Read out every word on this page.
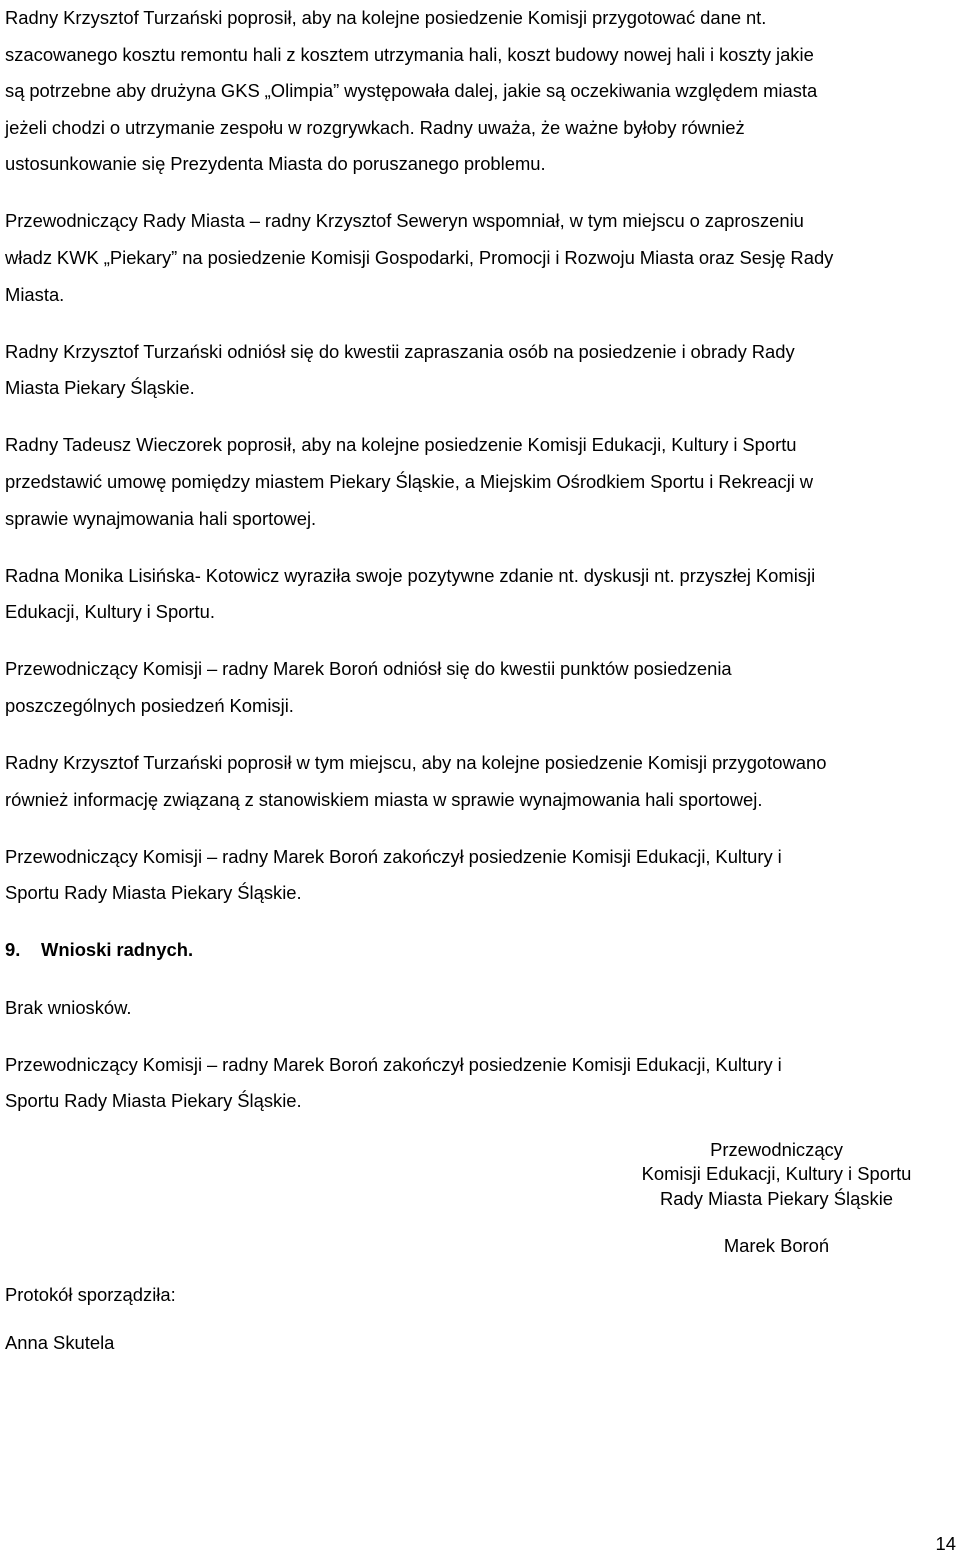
Radny Krzysztof Turzański poprosił, aby na kolejne posiedzenie Komisji przygotować dane nt.
szacowanego kosztu remontu hali z kosztem utrzymania hali, koszt budowy nowej hali i koszty jakie
są potrzebne aby drużyna GKS „Olimpia” występowała dalej, jakie są oczekiwania względem miasta
jeżeli chodzi o utrzymanie zespołu w rozgrywkach. Radny uważa, że ważne byłoby również
ustosunkowanie się Prezydenta Miasta do poruszanego problemu.
Przewodniczący Rady Miasta – radny Krzysztof Seweryn wspomniał, w tym miejscu o zaproszeniu
władz KWK „Piekary” na posiedzenie Komisji Gospodarki, Promocji i Rozwoju Miasta oraz Sesję Rady
Miasta.
Radny Krzysztof Turzański odniósł się do kwestii zapraszania osób na posiedzenie i obrady Rady
Miasta Piekary Śląskie.
Radny Tadeusz Wieczorek poprosił, aby na kolejne posiedzenie Komisji Edukacji, Kultury i Sportu
przedstawić umowę pomiędzy miastem Piekary Śląskie, a Miejskim Ośrodkiem Sportu i Rekreacji w
sprawie wynajmowania hali sportowej.
Radna Monika Lisińska- Kotowicz wyraziła swoje pozytywne zdanie nt. dyskusji nt. przyszłej Komisji
Edukacji, Kultury i Sportu.
Przewodniczący Komisji – radny Marek Boroń odniósł się do kwestii punktów posiedzenia
poszczególnych posiedzeń Komisji.
Radny Krzysztof Turzański poprosił w tym miejscu, aby na kolejne posiedzenie Komisji przygotowano
również informację związaną z stanowiskiem miasta w sprawie wynajmowania hali sportowej.
Przewodniczący Komisji – radny Marek Boroń zakończył posiedzenie Komisji Edukacji, Kultury i
Sportu Rady Miasta Piekary Śląskie.
9. Wnioski radnych.
Brak wniosków.
Przewodniczący Komisji – radny Marek Boroń zakończył posiedzenie Komisji Edukacji, Kultury i
Sportu Rady Miasta Piekary Śląskie.
Przewodniczący
Komisji Edukacji, Kultury i Sportu
Rady Miasta Piekary Śląskie
Marek Boroń
Protokół sporządziła:
Anna Skutela
14
